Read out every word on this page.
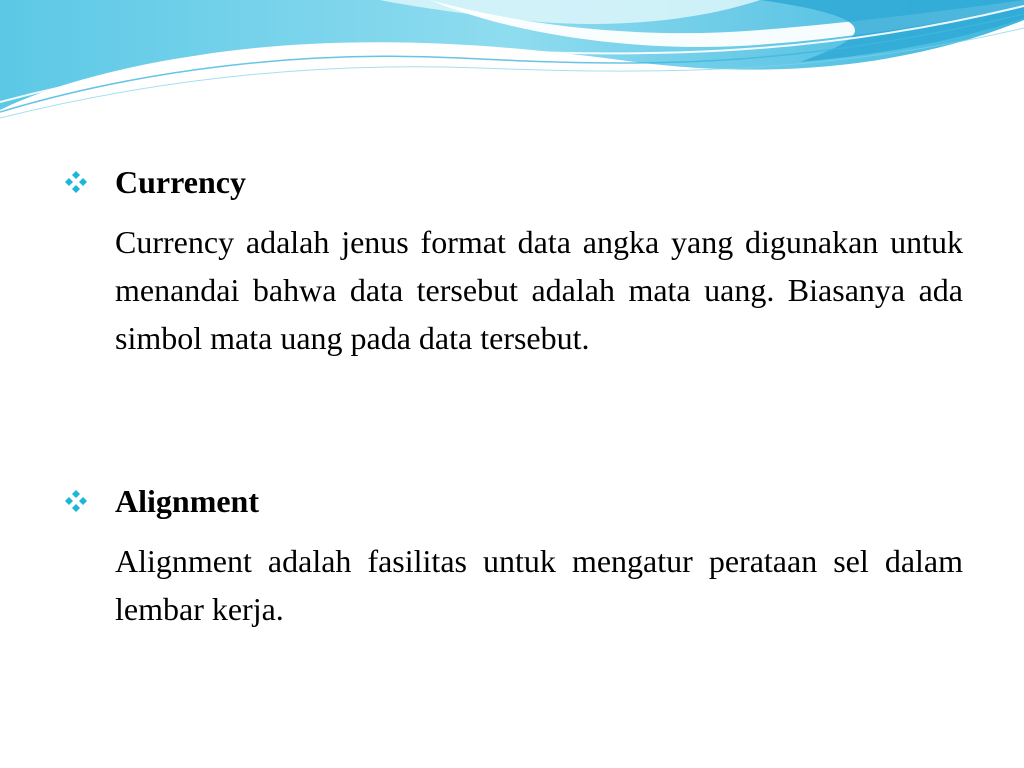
Currency
Currency adalah jenus format data angka yang digunakan untuk menandai bahwa data tersebut adalah mata uang. Biasanya ada simbol mata uang pada data tersebut.
Alignment
Alignment adalah fasilitas untuk mengatur perataan sel dalam lembar kerja.
